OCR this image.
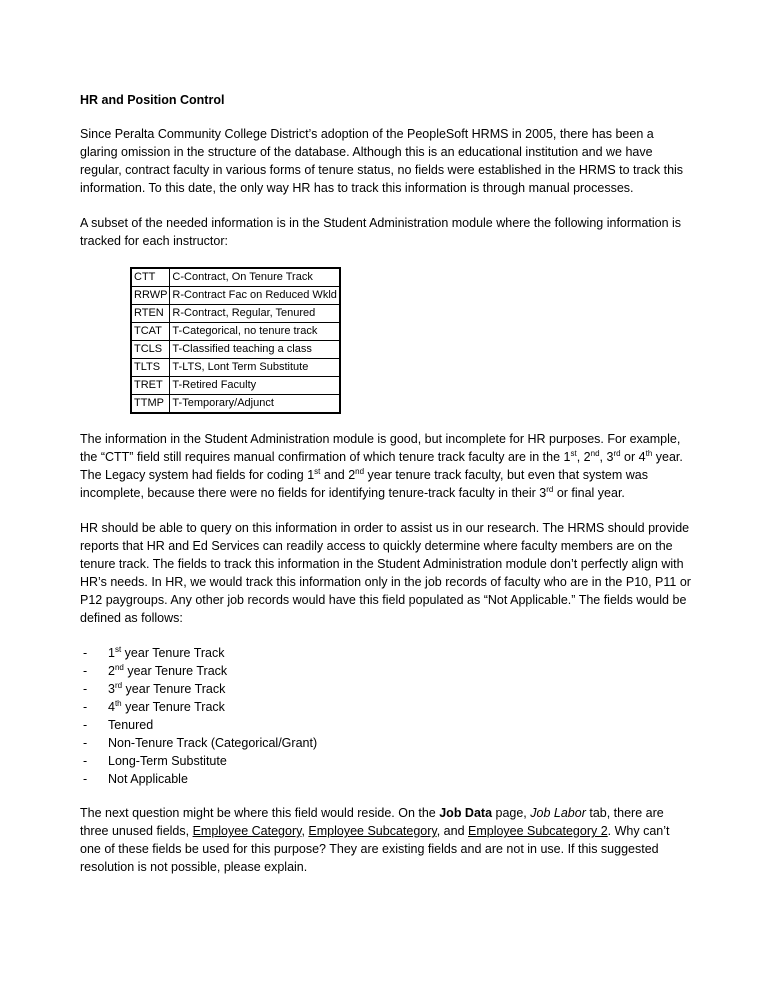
HR and Position Control

Since Peralta Community College District’s adoption of the PeopleSoft HRMS in 2005, there has been a glaring omission in the structure of the database. Although this is an educational institution and we have regular, contract faculty in various forms of tenure status, no fields were established in the HRMS to track this information. To this date, the only way HR has to track this information is through manual processes.

A subset of the needed information is in the Student Administration module where the following information is tracked for each instructor:

CTT	C-Contract, On Tenure Track
RRWP	R-Contract Fac on Reduced Wkld
RTEN	R-Contract, Regular, Tenured
TCAT	T-Categorical, no tenure track
TCLS	T-Classified teaching a class
TLTS	T-LTS, Lont Term Substitute
TRET	T-Retired Faculty
TTMP	T-Temporary/Adjunct

The information in the Student Administration module is good, but incomplete for HR purposes. For example, the “CTT” field still requires manual confirmation of which tenure track faculty are in the 1st, 2nd, 3rd or 4th year. The Legacy system had fields for coding 1st and 2nd year tenure track faculty, but even that system was incomplete, because there were no fields for identifying tenure-track faculty in their 3rd or final year.

HR should be able to query on this information in order to assist us in our research. The HRMS should provide reports that HR and Ed Services can readily access to quickly determine where faculty members are on the tenure track. The fields to track this information in the Student Administration module don’t perfectly align with HR’s needs. In HR, we would track this information only in the job records of faculty who are in the P10, P11 or P12 paygroups. Any other job records would have this field populated as “Not Applicable.” The fields would be defined as follows:

- 1st year Tenure Track
- 2nd year Tenure Track
- 3rd year Tenure Track
- 4th year Tenure Track
- Tenured
- Non-Tenure Track (Categorical/Grant)
- Long-Term Substitute
- Not Applicable

The next question might be where this field would reside. On the Job Data page, Job Labor tab, there are three unused fields, Employee Category, Employee Subcategory, and Employee Subcategory 2. Why can’t one of these fields be used for this purpose? They are existing fields and are not in use. If this suggested resolution is not possible, please explain.
